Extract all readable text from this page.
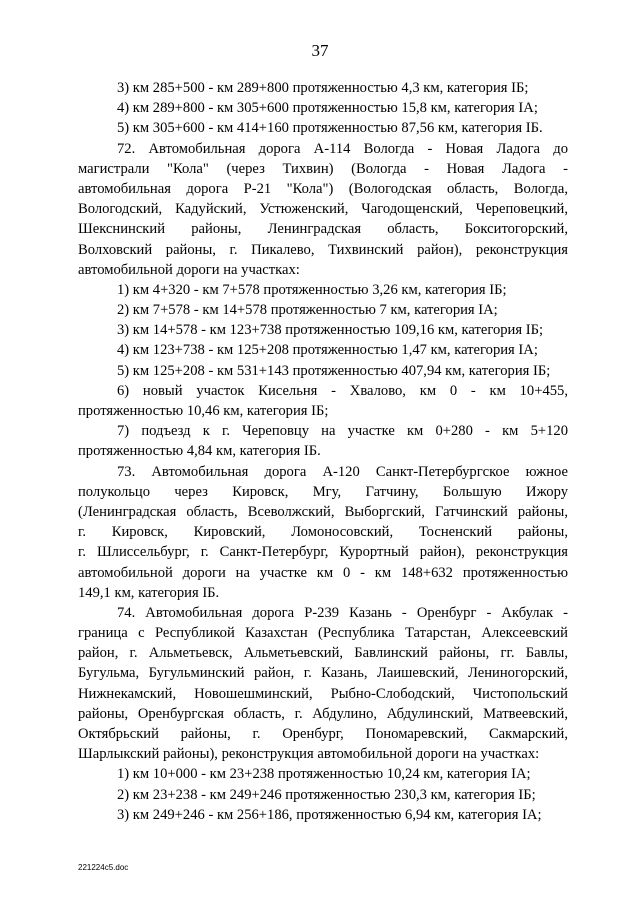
37
3) км 285+500 - км 289+800 протяженностью 4,3 км, категория IБ;
4) км 289+800 - км 305+600 протяженностью 15,8 км, категория IA;
5) км 305+600 - км 414+160 протяженностью 87,56 км, категория IБ.
72. Автомобильная дорога А-114 Вологда - Новая Ладога до
магистрали "Кола" (через Тихвин) (Вологда - Новая Ладога -
автомобильная дорога Р-21 "Кола") (Вологодская область, Вологда,
Вологодский, Кадуйский, Устюженский, Чагодощенский, Череповецкий,
Шекснинский районы, Ленинградская область, Бокситогорский,
Волховский районы, г. Пикалево, Тихвинский район), реконструкция
автомобильной дороги на участках:
1) км 4+320 - км 7+578 протяженностью 3,26 км, категория IБ;
2) км 7+578 - км 14+578 протяженностью 7 км, категория IA;
3) км 14+578 - км 123+738 протяженностью 109,16 км, категория IБ;
4) км 123+738 - км 125+208 протяженностью 1,47 км, категория IA;
5) км 125+208 - км 531+143 протяженностью 407,94 км, категория IБ;
6) новый участок Кисельня - Хвалово, км 0 - км 10+455,
протяженностью 10,46 км, категория IБ;
7) подъезд к г. Череповцу на участке км 0+280 - км 5+120
протяженностью 4,84 км, категория IБ.
73. Автомобильная дорога А-120 Санкт-Петербургское южное
полукольцо через Кировск, Мгу, Гатчину, Большую Ижору
(Ленинградская область, Всеволжский, Выборгский, Гатчинский районы,
г. Кировск, Кировский, Ломоносовский, Тосненский районы,
г. Шлиссельбург, г. Санкт-Петербург, Курортный район), реконструкция
автомобильной дороги на участке км 0 - км 148+632 протяженностью
149,1 км, категория IБ.
74. Автомобильная дорога Р-239 Казань - Оренбург - Акбулак -
граница с Республикой Казахстан (Республика Татарстан, Алексеевский
район, г. Альметьевск, Альметьевский, Бавлинский районы, гг. Бавлы,
Бугульма, Бугульминский район, г. Казань, Лаишевский, Лениногорский,
Нижнекамский, Новошешминский, Рыбно-Слободский, Чистопольский
районы, Оренбургская область, г. Абдулино, Абдулинский, Матвеевский,
Октябрьский районы, г. Оренбург, Пономаревский, Сакмарский,
Шарлыкский районы), реконструкция автомобильной дороги на участках:
1) км 10+000 - км 23+238 протяженностью 10,24 км, категория IA;
2) км 23+238 - км 249+246 протяженностью 230,3 км, категория IБ;
3) км 249+246 - км 256+186, протяженностью 6,94 км, категория IA;
221224c5.doc
